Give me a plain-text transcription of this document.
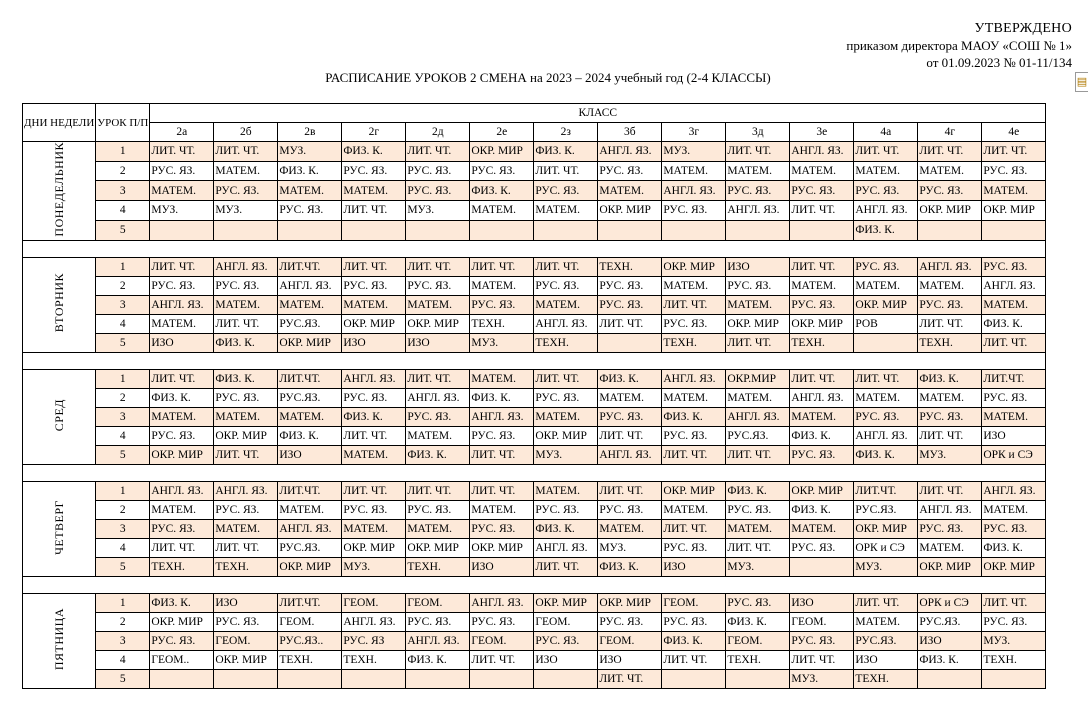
УТВЕРЖДЕНО
приказом директора МАОУ «СОШ № 1»
от 01.09.2023 № 01-11/134
РАСПИСАНИЕ УРОКОВ 2 СМЕНА на 2023 – 2024 учебный год (2-4 КЛАССЫ)	▤
ДНИ НЕДЕЛИ	УРОК П/П	КЛАСС													
		2а	2б	2в	2г	2д	2е	2з	3б	3г	3д	3е	4а	4г	4е
ПОНЕДЕЛЬНИК	1	ЛИТ. ЧТ.	ЛИТ. ЧТ.	МУЗ.	ФИЗ. К.	ЛИТ. ЧТ.	ОКР. МИР	ФИЗ. К.	АНГЛ. ЯЗ.	МУЗ.	ЛИТ. ЧТ.	АНГЛ. ЯЗ.	ЛИТ. ЧТ.	ЛИТ. ЧТ.	ЛИТ. ЧТ.
	2	РУС. ЯЗ.	МАТЕМ.	ФИЗ. К.	РУС. ЯЗ.	РУС. ЯЗ.	РУС. ЯЗ.	ЛИТ. ЧТ.	РУС. ЯЗ.	МАТЕМ.	МАТЕМ.	МАТЕМ.	МАТЕМ.	МАТЕМ.	РУС. ЯЗ.
	3	МАТЕМ.	РУС. ЯЗ.	МАТЕМ.	МАТЕМ.	РУС. ЯЗ.	ФИЗ. К.	РУС. ЯЗ.	МАТЕМ.	АНГЛ. ЯЗ.	РУС. ЯЗ.	РУС. ЯЗ.	РУС. ЯЗ.	РУС. ЯЗ.	МАТЕМ.
	4	МУЗ.	МУЗ.	РУС. ЯЗ.	ЛИТ. ЧТ.	МУЗ.	МАТЕМ.	МАТЕМ.	ОКР. МИР	РУС. ЯЗ.	АНГЛ. ЯЗ.	ЛИТ. ЧТ.	АНГЛ. ЯЗ.	ОКР. МИР	ОКР. МИР
	5												ФИЗ. К.		

ВТОРНИК	1	ЛИТ. ЧТ.	АНГЛ. ЯЗ.	ЛИТ.ЧТ.	ЛИТ. ЧТ.	ЛИТ. ЧТ.	ЛИТ. ЧТ.	ЛИТ. ЧТ.	ТЕХН.	ОКР. МИР	ИЗО	ЛИТ. ЧТ.	РУС. ЯЗ.	АНГЛ. ЯЗ.	РУС. ЯЗ.
	2	РУС. ЯЗ.	РУС. ЯЗ.	АНГЛ. ЯЗ.	РУС. ЯЗ.	РУС. ЯЗ.	МАТЕМ.	РУС. ЯЗ.	РУС. ЯЗ.	МАТЕМ.	РУС. ЯЗ.	МАТЕМ.	МАТЕМ.	МАТЕМ.	АНГЛ. ЯЗ.
	3	АНГЛ. ЯЗ.	МАТЕМ.	МАТЕМ.	МАТЕМ.	МАТЕМ.	РУС. ЯЗ.	МАТЕМ.	РУС. ЯЗ.	ЛИТ. ЧТ.	МАТЕМ.	РУС. ЯЗ.	ОКР. МИР	РУС. ЯЗ.	МАТЕМ.
	4	МАТЕМ.	ЛИТ. ЧТ.	РУС.ЯЗ.	ОКР. МИР	ОКР. МИР	ТЕХН.	АНГЛ. ЯЗ.	ЛИТ. ЧТ.	РУС. ЯЗ.	ОКР. МИР	ОКР. МИР	РОВ	ЛИТ. ЧТ.	ФИЗ. К.
	5	ИЗО	ФИЗ. К.	ОКР. МИР	ИЗО	ИЗО	МУЗ.	ТЕХН.		ТЕХН.	ЛИТ. ЧТ.	ТЕХН.		ТЕХН.	ЛИТ. ЧТ.

СРЕД	1	ЛИТ. ЧТ.	ФИЗ. К.	ЛИТ.ЧТ.	АНГЛ. ЯЗ.	ЛИТ. ЧТ.	МАТЕМ.	ЛИТ. ЧТ.	ФИЗ. К.	АНГЛ. ЯЗ.	ОКР.МИР	ЛИТ. ЧТ.	ЛИТ. ЧТ.	ФИЗ. К.	ЛИТ.ЧТ.
	2	ФИЗ. К.	РУС. ЯЗ.	РУС.ЯЗ.	РУС. ЯЗ.	АНГЛ. ЯЗ.	ФИЗ. К.	РУС. ЯЗ.	МАТЕМ.	МАТЕМ.	МАТЕМ.	АНГЛ. ЯЗ.	МАТЕМ.	МАТЕМ.	РУС. ЯЗ.
	3	МАТЕМ.	МАТЕМ.	МАТЕМ.	ФИЗ. К.	РУС. ЯЗ.	АНГЛ. ЯЗ.	МАТЕМ.	РУС. ЯЗ.	ФИЗ. К.	АНГЛ. ЯЗ.	МАТЕМ.	РУС. ЯЗ.	РУС. ЯЗ.	МАТЕМ.
	4	РУС. ЯЗ.	ОКР. МИР	ФИЗ. К.	ЛИТ. ЧТ.	МАТЕМ.	РУС. ЯЗ.	ОКР. МИР	ЛИТ. ЧТ.	РУС. ЯЗ.	РУС.ЯЗ.	ФИЗ. К.	АНГЛ. ЯЗ.	ЛИТ. ЧТ.	ИЗО
	5	ОКР. МИР	ЛИТ. ЧТ.	ИЗО	МАТЕМ.	ФИЗ. К.	ЛИТ. ЧТ.	МУЗ.	АНГЛ. ЯЗ.	ЛИТ. ЧТ.	ЛИТ. ЧТ.	РУС. ЯЗ.	ФИЗ. К.	МУЗ.	ОРК и СЭ

ЧЕТВЕРГ	1	АНГЛ. ЯЗ.	АНГЛ. ЯЗ.	ЛИТ.ЧТ.	ЛИТ. ЧТ.	ЛИТ. ЧТ.	ЛИТ. ЧТ.	МАТЕМ.	ЛИТ. ЧТ.	ОКР. МИР	ФИЗ. К.	ОКР. МИР	ЛИТ.ЧТ.	ЛИТ. ЧТ.	АНГЛ. ЯЗ.
	2	МАТЕМ.	РУС. ЯЗ.	МАТЕМ.	РУС. ЯЗ.	РУС. ЯЗ.	МАТЕМ.	РУС. ЯЗ.	РУС. ЯЗ.	МАТЕМ.	РУС. ЯЗ.	ФИЗ. К.	РУС.ЯЗ.	АНГЛ. ЯЗ.	МАТЕМ.
	3	РУС. ЯЗ.	МАТЕМ.	АНГЛ. ЯЗ.	МАТЕМ.	МАТЕМ.	РУС. ЯЗ.	ФИЗ. К.	МАТЕМ.	ЛИТ. ЧТ.	МАТЕМ.	МАТЕМ.	ОКР. МИР	РУС. ЯЗ.	РУС. ЯЗ.
	4	ЛИТ. ЧТ.	ЛИТ. ЧТ.	РУС.ЯЗ.	ОКР. МИР	ОКР. МИР	ОКР. МИР	АНГЛ. ЯЗ.	МУЗ.	РУС. ЯЗ.	ЛИТ. ЧТ.	РУС. ЯЗ.	ОРК и СЭ	МАТЕМ.	ФИЗ. К.
	5	ТЕХН.	ТЕХН.	ОКР. МИР	МУЗ.	ТЕХН.	ИЗО	ЛИТ. ЧТ.	ФИЗ. К.	ИЗО	МУЗ.		МУЗ.	ОКР. МИР	ОКР. МИР

ПЯТНИЦА	1	ФИЗ. К.	ИЗО	ЛИТ.ЧТ.	ГЕОМ.	ГЕОМ.	АНГЛ. ЯЗ.	ОКР. МИР	ОКР. МИР	ГЕОМ.	РУС. ЯЗ.	ИЗО	ЛИТ. ЧТ.	ОРК и СЭ	ЛИТ. ЧТ.
	2	ОКР. МИР	РУС. ЯЗ.	ГЕОМ.	АНГЛ. ЯЗ.	РУС. ЯЗ.	РУС. ЯЗ.	ГЕОМ.	РУС. ЯЗ.	РУС. ЯЗ.	ФИЗ. К.	ГЕОМ.	МАТЕМ.	РУС.ЯЗ.	РУС. ЯЗ.
	3	РУС. ЯЗ.	ГЕОМ.	РУС.ЯЗ..	РУС. ЯЗ	АНГЛ. ЯЗ.	ГЕОМ.	РУС. ЯЗ.	ГЕОМ.	ФИЗ. К.	ГЕОМ.	РУС. ЯЗ.	РУС.ЯЗ.	ИЗО	МУЗ.
	4	ГЕОМ..	ОКР. МИР	ТЕХН.	ТЕХН.	ФИЗ. К.	ЛИТ. ЧТ.	ИЗО	ИЗО	ЛИТ. ЧТ.	ТЕХН.	ЛИТ. ЧТ.	ИЗО	ФИЗ. К.	ТЕХН.
	5								ЛИТ. ЧТ.			МУЗ.	ТЕХН.		
